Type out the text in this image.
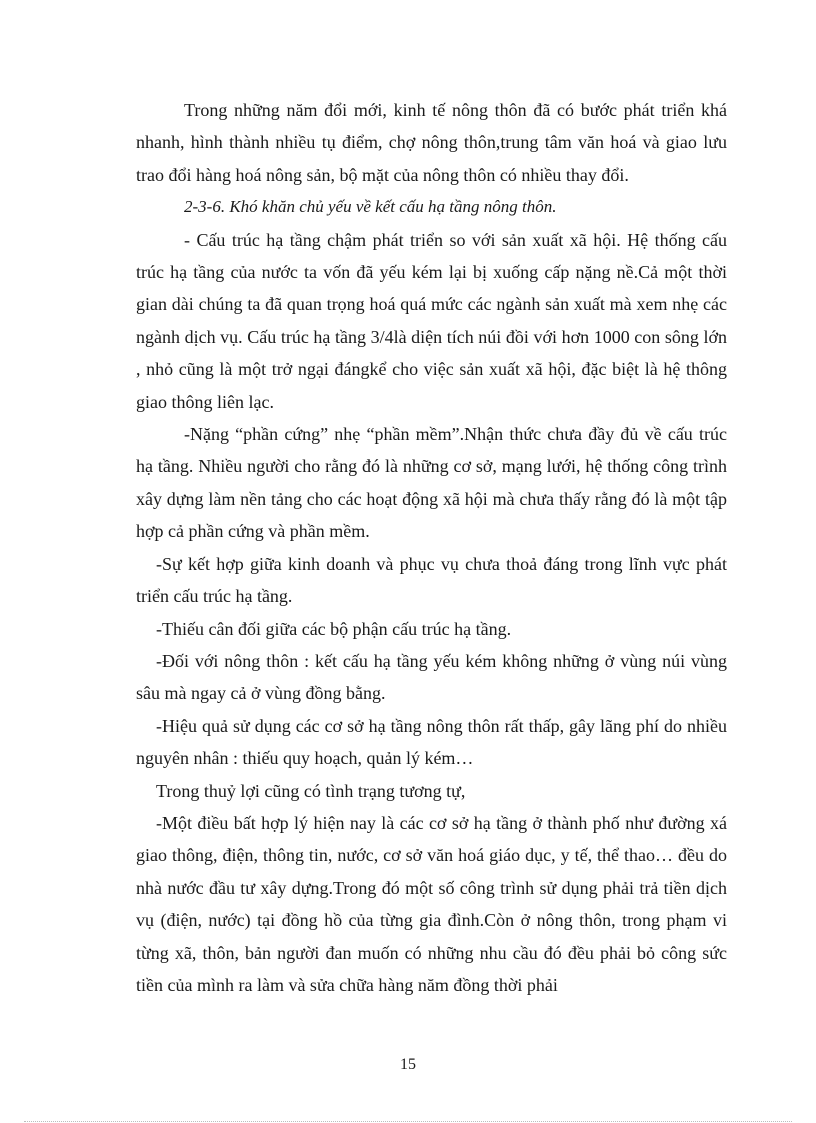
Trong những năm đổi mới, kinh tế nông thôn đã có bước phát triển khá nhanh, hình thành nhiều tụ điểm, chợ nông thôn,trung tâm văn hoá và giao lưu trao đổi hàng hoá nông sản, bộ mặt của nông thôn có nhiều thay đổi.

2-3-6. Khó khăn chủ yếu về kết cấu hạ tầng nông thôn.

- Cấu trúc hạ tầng chậm phát triển so với sản xuất xã hội. Hệ thống cấu trúc hạ tầng của nước ta vốn đã yếu kém lại bị xuống cấp nặng nề.Cả một thời gian dài chúng ta đã quan trọng hoá quá mức các ngành sản xuất mà xem nhẹ các ngành dịch vụ. Cấu trúc hạ tầng 3/4là diện tích núi đồi với hơn 1000 con sông lớn , nhỏ cũng là một trở ngại đángkể cho việc sản xuất xã hội, đặc biệt là hệ thông giao thông liên lạc.

-Nặng “phần cứng” nhẹ “phần mềm”.Nhận thức chưa đầy đủ về cấu trúc hạ tầng. Nhiều người cho rằng đó là những cơ sở, mạng lưới, hệ thống công trình xây dựng làm nền tảng cho các hoạt động xã hội mà chưa thấy rằng đó là một tập hợp cả phần cứng và phần mềm.

-Sự kết hợp giữa kinh doanh và phục vụ chưa thoả đáng trong lĩnh vực phát triển cấu trúc hạ tầng.

-Thiếu cân đối giữa các bộ phận cấu trúc hạ tầng.

-Đối với nông thôn : kết cấu hạ tầng yếu kém không những ở vùng núi vùng sâu mà ngay cả ở vùng đồng bằng.

-Hiệu quả sử dụng các cơ sở hạ tầng nông thôn rất thấp, gây lãng phí do nhiều nguyên nhân : thiếu quy hoạch, quản lý kém…

Trong thuỷ lợi cũng có tình trạng tương tự,

-Một điều bất hợp lý hiện nay là các cơ sở hạ tầng ở thành phố như đường xá giao thông, điện, thông tin, nước, cơ sở văn hoá giáo dục, y tế, thể thao… đều do nhà nước đầu tư xây dựng.Trong đó một số công trình sử dụng phải trả tiền dịch vụ (điện, nước) tại đồng hồ của từng gia đình.Còn ở nông thôn, trong phạm vi từng xã, thôn, bản người đan muốn có những nhu cầu đó đều phải bỏ công sức tiền của mình ra làm và sửa chữa hàng năm đồng thời phải

15
